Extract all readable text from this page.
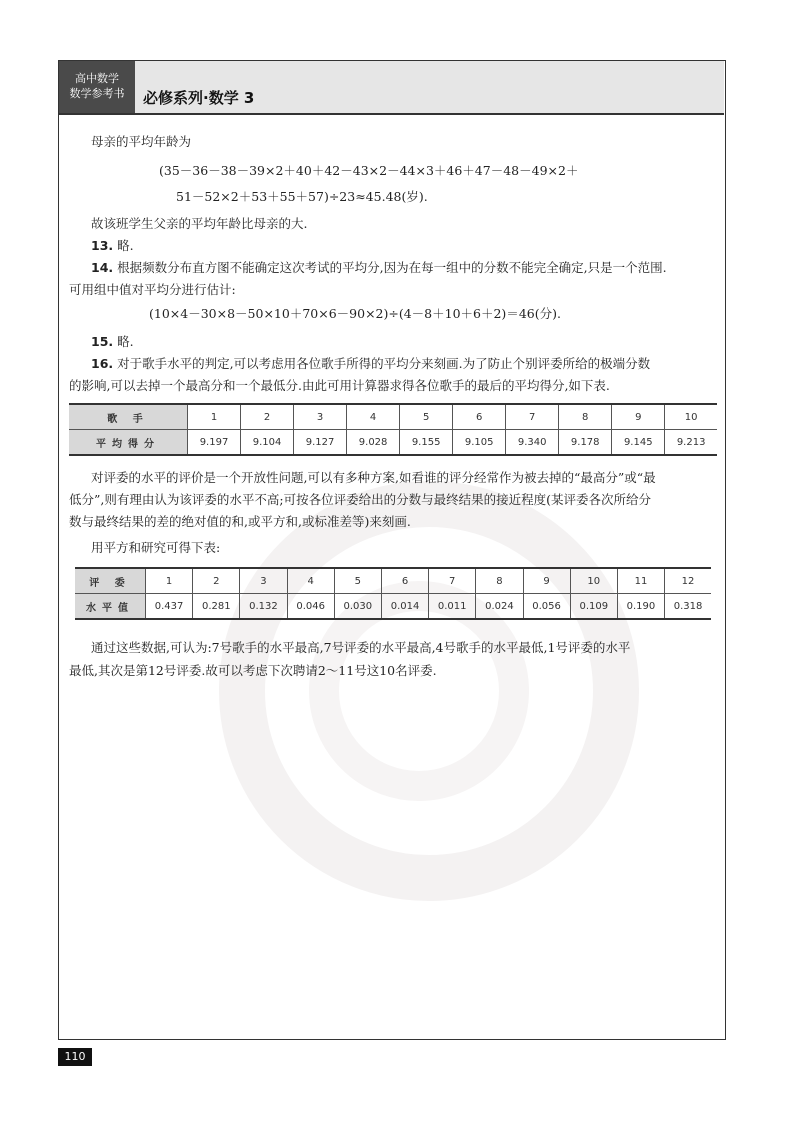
高中数学
数学参考书	必修系列·数学 3
母亲的平均年龄为
(35－36－38－39×2＋40＋42－43×2－44×3＋46＋47－48－49×2＋
51－52×2＋53＋55＋57)÷23≈45.48(岁).
故该班学生父亲的平均年龄比母亲的大.
13. 略.
14. 根据频数分布直方图不能确定这次考试的平均分,因为在每一组中的分数不能完全确定,只是一个范围.
可用组中值对平均分进行估计:
(10×4－30×8－50×10＋70×6－90×2)÷(4－8＋10＋6＋2)＝46(分).
15. 略.
16. 对于歌手水平的判定,可以考虑用各位歌手所得的平均分来刻画.为了防止个别评委所给的极端分数
的影响,可以去掉一个最高分和一个最低分.由此可用计算器求得各位歌手的最后的平均得分,如下表.
歌 手	1	2	3	4	5	6	7	8	9	10
平均得分	9.197	9.104	9.127	9.028	9.155	9.105	9.340	9.178	9.145	9.213
对评委的水平的评价是一个开放性问题,可以有多种方案,如看谁的评分经常作为被去掉的“最高分”或“最
低分”,则有理由认为该评委的水平不高;可按各位评委给出的分数与最终结果的接近程度(某评委各次所给分
数与最终结果的差的绝对值的和,或平方和,或标准差等)来刻画.
用平方和研究可得下表:
评 委	1	2	3	4	5	6	7	8	9	10	11	12
水平值	0.437	0.281	0.132	0.046	0.030	0.014	0.011	0.024	0.056	0.109	0.190	0.318
通过这些数据,可认为:7号歌手的水平最高,7号评委的水平最高,4号歌手的水平最低,1号评委的水平
最低,其次是第12号评委.故可以考虑下次聘请2～11号这10名评委.
110
